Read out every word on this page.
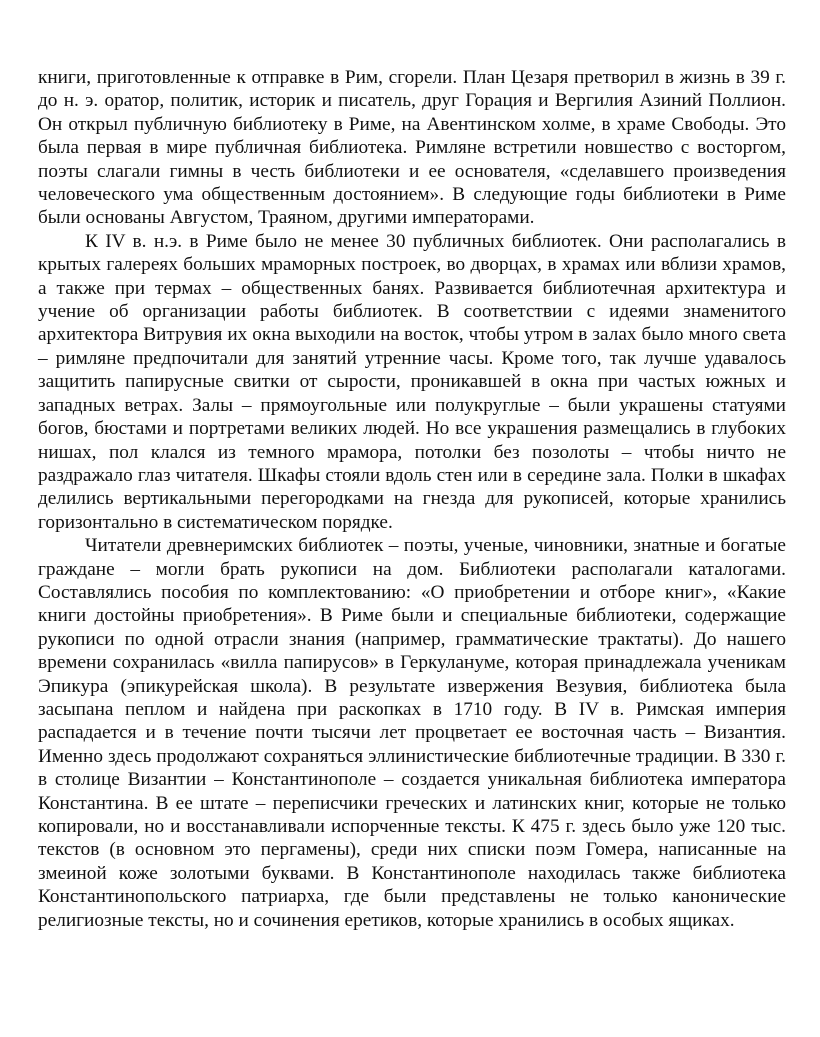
книги, приготовленные к отправке в Рим, сгорели. План Цезаря претворил в жизнь в 39 г. до н. э. оратор, политик, историк и писатель, друг Горация и Вергилия Азиний Поллион. Он открыл публичную библиотеку в Риме, на Авентинском холме, в храме Свободы. Это была первая в мире публичная библиотека. Римляне встретили новшество с восторгом, поэты слагали гимны в честь библиотеки и ее основателя, «сделавшего произведения человеческого ума общественным достоянием». В следующие годы библиотеки в Риме были основаны Августом, Траяном, другими императорами.

К IV в. н.э. в Риме было не менее 30 публичных библиотек. Они располагались в крытых галереях больших мраморных построек, во дворцах, в храмах или вблизи храмов, а также при термах – общественных банях. Развивается библиотечная архитектура и учение об организации работы библиотек. В соответствии с идеями знаменитого архитектора Витрувия их окна выходили на восток, чтобы утром в залах было много света – римляне предпочитали для занятий утренние часы. Кроме того, так лучше удавалось защитить папирусные свитки от сырости, проникавшей в окна при частых южных и западных ветрах. Залы – прямоугольные или полукруглые – были украшены статуями богов, бюстами и портретами великих людей. Но все украшения размещались в глубоких нишах, пол клался из темного мрамора, потолки без позолоты – чтобы ничто не раздражало глаз читателя. Шкафы стояли вдоль стен или в середине зала. Полки в шкафах делились вертикальными перегородками на гнезда для рукописей, которые хранились горизонтально в систематическом порядке.

Читатели древнеримских библиотек – поэты, ученые, чиновники, знатные и богатые граждане – могли брать рукописи на дом. Библиотеки располагали каталогами. Составлялись пособия по комплектованию: «О приобретении и отборе книг», «Какие книги достойны приобретения». В Риме были и специальные библиотеки, содержащие рукописи по одной отрасли знания (например, грамматические трактаты). До нашего времени сохранилась «вилла папирусов» в Геркулануме, которая принадлежала ученикам Эпикура (эпикурейская школа). В результате извержения Везувия, библиотека была засыпана пеплом и найдена при раскопках в 1710 году. В IV в. Римская империя распадается и в течение почти тысячи лет процветает ее восточная часть – Византия. Именно здесь продолжают сохраняться эллинистические библиотечные традиции. В 330 г. в столице Византии – Константинополе – создается уникальная библиотека императора Константина. В ее штате – переписчики греческих и латинских книг, которые не только копировали, но и восстанавливали испорченные тексты. К 475 г. здесь было уже 120 тыс. текстов (в основном это пергамены), среди них списки поэм Гомера, написанные на змеиной коже золотыми буквами. В Константинополе находилась также библиотека Константинопольского патриарха, где были представлены не только канонические религиозные тексты, но и сочинения еретиков, которые хранились в особых ящиках.
